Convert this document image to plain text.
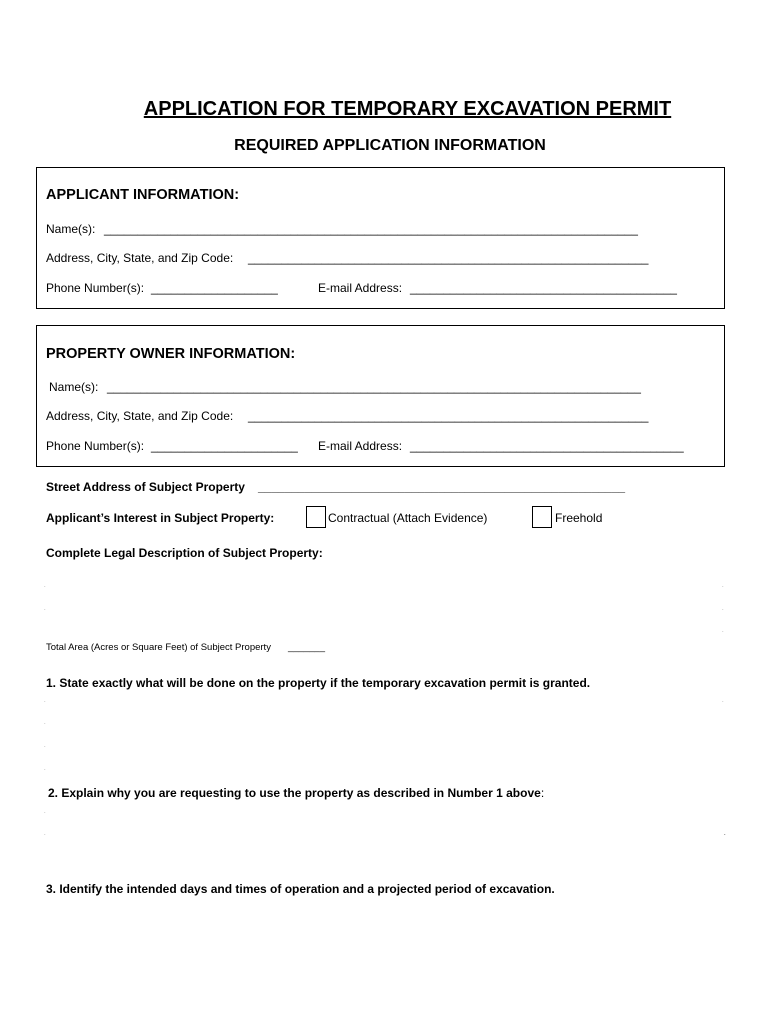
APPLICATION FOR TEMPORARY EXCAVATION PERMIT
REQUIRED APPLICATION INFORMATION
APPLICANT INFORMATION:
Name(s): ________________________________________________________________________________
Address, City, State, and Zip Code: ____________________________________________________________
Phone Number(s): ___________________	E-mail Address: ________________________________________
PROPERTY OWNER INFORMATION:
Name(s): ________________________________________________________________________________
Address, City, State, and Zip Code: ____________________________________________________________
Phone Number(s): ______________________ E-mail Address: _________________________________________
Street Address of Subject Property _______________________________________________________
Applicant’s Interest in Subject Property:	Contractual (Attach Evidence)	Freehold
Complete Legal Description of Subject Property:
.	.
.	.
.
Total Area (Acres or Square Feet) of Subject Property _______
1. State exactly what will be done on the property if the temporary excavation permit is granted.
.	.
.
.
.
2. Explain why you are requesting to use the property as described in Number 1 above:
.
.	.
3. Identify the intended days and times of operation and a projected period of excavation.
